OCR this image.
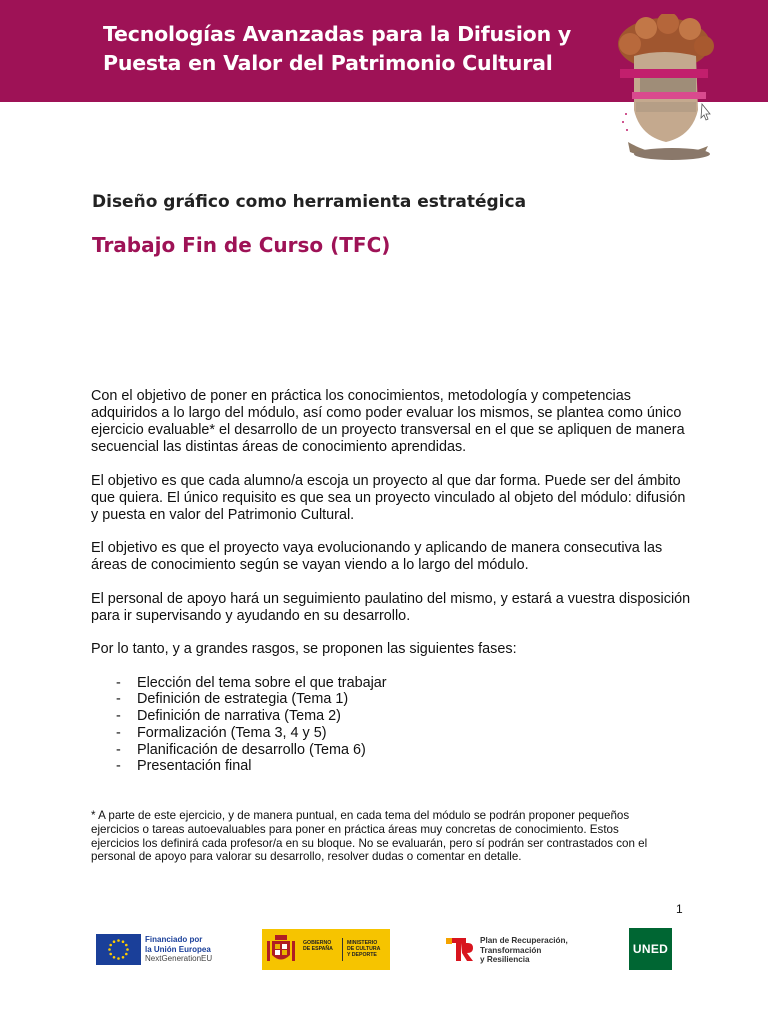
Tecnologías Avanzadas para la Difusion y
Puesta en Valor del Patrimonio Cultural
Diseño gráfico como herramienta estratégica
Trabajo Fin de Curso (TFC)

Con el objetivo de poner en práctica los conocimientos, metodología y competencias adquiridos a lo largo del módulo, así como poder evaluar los mismos, se plantea como único ejercicio evaluable* el desarrollo de un proyecto transversal en el que se apliquen de manera secuencial las distintas áreas de conocimiento aprendidas.

El objetivo es que cada alumno/a escoja un proyecto al que dar forma. Puede ser del ámbito que quiera. El único requisito es que sea un proyecto vinculado al objeto del módulo: difusión y puesta en valor del Patrimonio Cultural.

El objetivo es que el proyecto vaya evolucionando y aplicando de manera consecutiva las áreas de conocimiento según se vayan viendo a lo largo del módulo.

El personal de apoyo hará un seguimiento paulatino del mismo, y estará a vuestra disposición para ir supervisando y ayudando en su desarrollo.

Por lo tanto, y a grandes rasgos, se proponen las siguientes fases:

- Elección del tema sobre el que trabajar
- Definición de estrategia (Tema 1)
- Definición de narrativa (Tema 2)
- Formalización (Tema 3, 4 y 5)
- Planificación de desarrollo (Tema 6)
- Presentación final

* A parte de este ejercicio, y de manera puntual, en cada tema del módulo se podrán proponer pequeños ejercicios o tareas autoevaluables para poner en práctica áreas muy concretas de conocimiento. Estos ejercicios los definirá cada profesor/a en su bloque. No se evaluarán, pero sí podrán ser contrastados con el personal de apoyo para valorar su desarrollo, resolver dudas o comentar en detalle.

1
Financiado por
la Unión Europea
NextGenerationEU
GOBIERNO
DE ESPAÑA
MINISTERIO
DE CULTURA
Y DEPORTE
Plan de Recuperación,
Transformación
y Resiliencia
UNED
